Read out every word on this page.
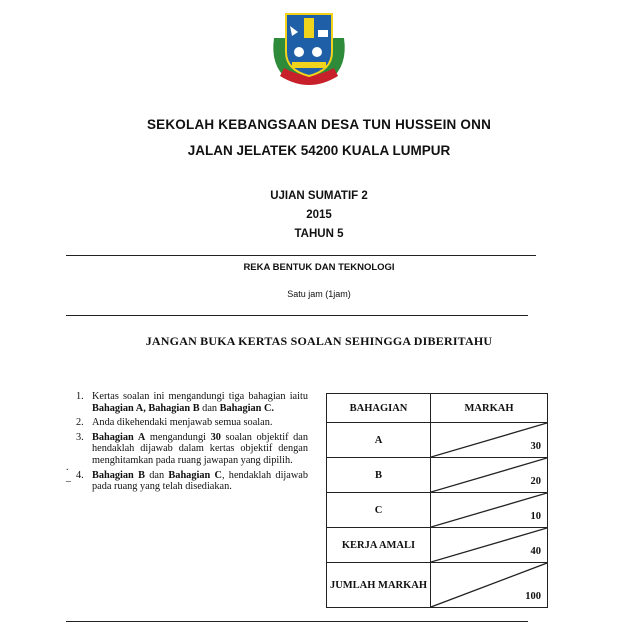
SEKOLAH KEBANGSAAN DESA TUN HUSSEIN ONN
JALAN JELATEK 54200 KUALA LUMPUR
UJIAN SUMATIF 2
2015
TAHUN 5
REKA BENTUK DAN TEKNOLOGI
Satu jam (1jam)
JANGAN BUKA KERTAS SOALAN SEHINGGA DIBERITAHU
1. Kertas soalan ini mengandungi tiga bahagian iaitu Bahagian A, Bahagian B dan Bahagian C.
2. Anda dikehendaki menjawab semua soalan.
3. Bahagian A mengandungi 30 soalan objektif dan hendaklah dijawab dalam kertas objektif dengan menghitamkan pada ruang jawapan yang dipilih.
4. Bahagian B dan Bahagian C, hendaklah dijawab pada ruang yang telah disediakan.
.
–
BAHAGIAN	MARKAH
A	30

B	20

C	10

KERJA AMALI	40

JUMLAH MARKAH	100
